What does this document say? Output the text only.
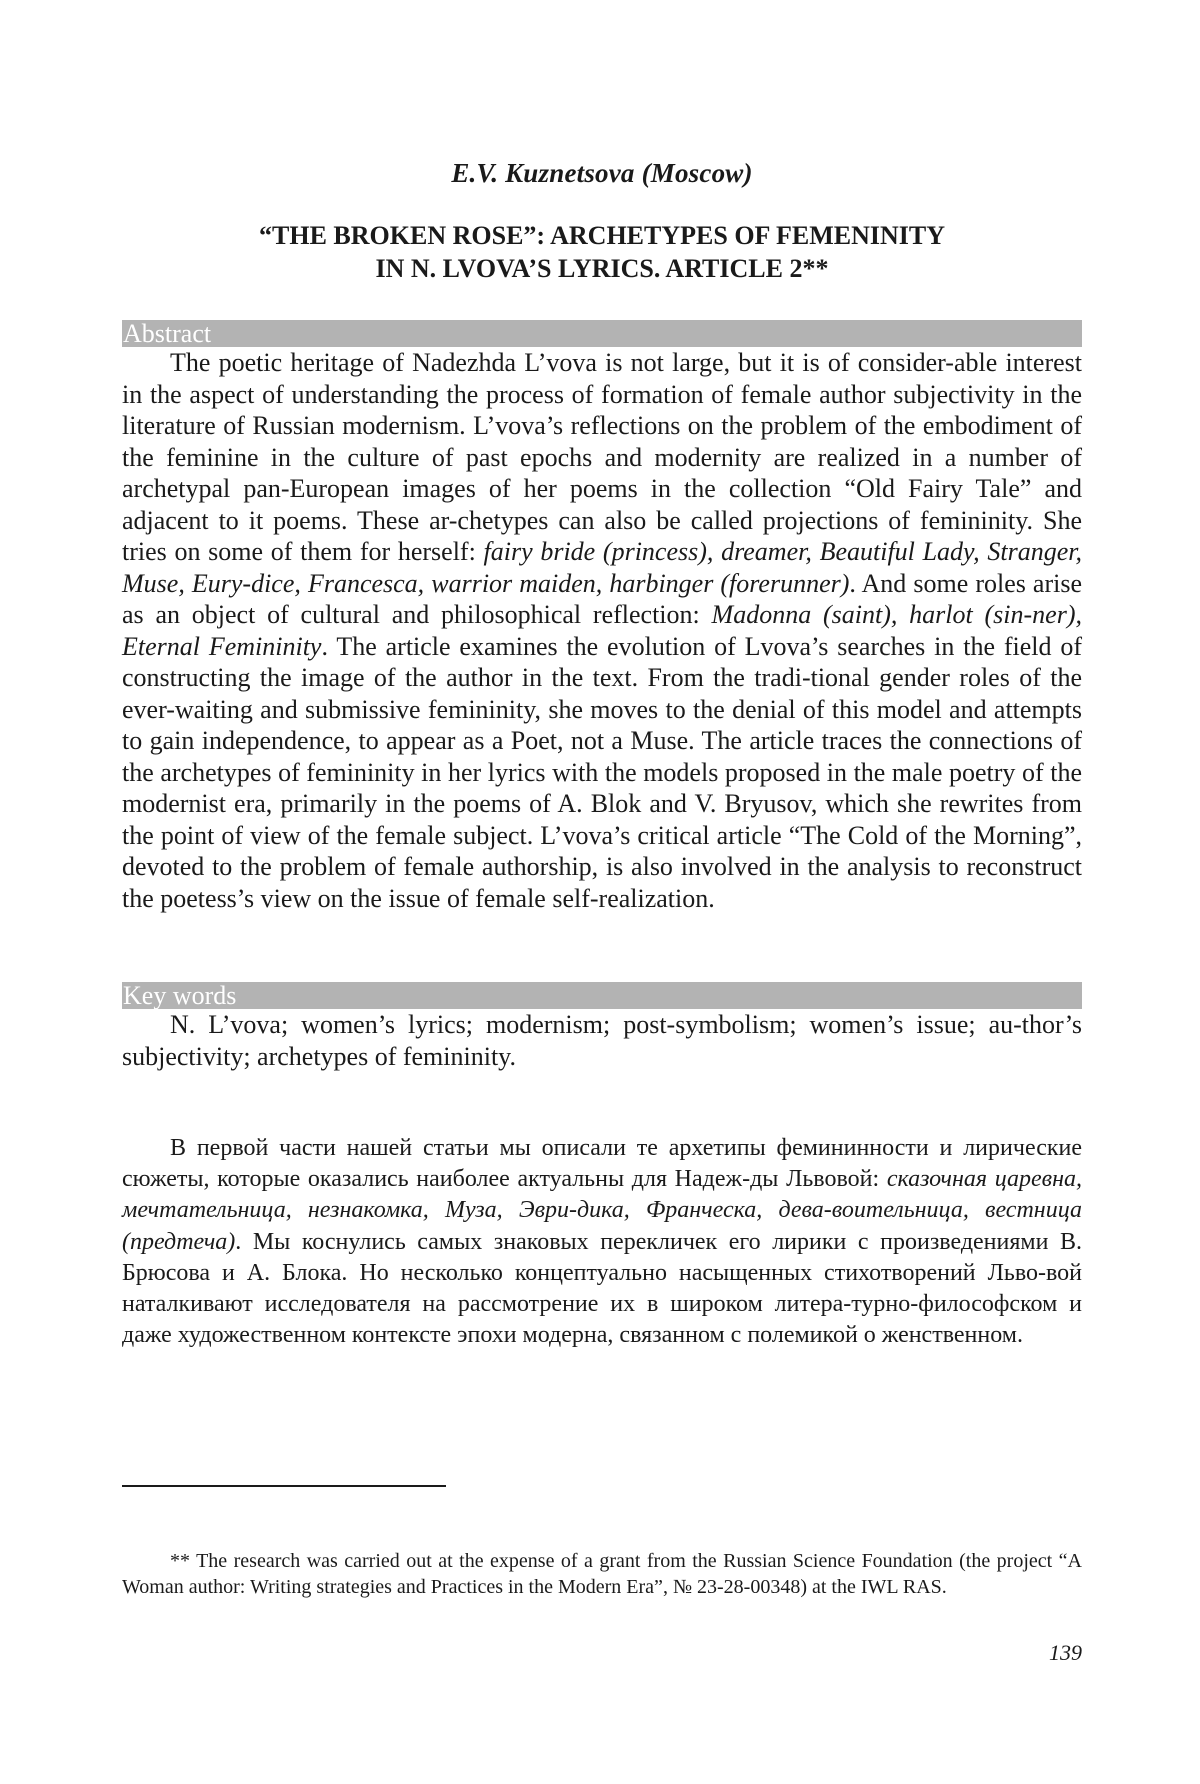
E.V. Kuznetsova (Moscow)
“THE BROKEN ROSE”: ARCHETYPES OF FEMENINITY
IN N. LVOVA’S LYRICS. ARTICLE 2**
Abstract

The poetic heritage of Nadezhda L’vova is not large, but it is of consider-able interest in the aspect of understanding the process of formation of female author subjectivity in the literature of Russian modernism. L’vova’s reflections on the problem of the embodiment of the feminine in the culture of past epochs and modernity are realized in a number of archetypal pan-European images of her poems in the collection “Old Fairy Tale” and adjacent to it poems. These ar-chetypes can also be called projections of femininity. She tries on some of them for herself: fairy bride (princess), dreamer, Beautiful Lady, Stranger, Muse, Eury-dice, Francesca, warrior maiden, harbinger (forerunner). And some roles arise as an object of cultural and philosophical reflection: Madonna (saint), harlot (sin-ner), Eternal Femininity. The article examines the evolution of Lvova’s searches in the field of constructing the image of the author in the text. From the tradi-tional gender roles of the ever-waiting and submissive femininity, she moves to the denial of this model and attempts to gain independence, to appear as a Poet, not a Muse. The article traces the connections of the archetypes of femininity in her lyrics with the models proposed in the male poetry of the modernist era, primarily in the poems of A. Blok and V. Bryusov, which she rewrites from the point of view of the female subject. L’vova’s critical article “The Cold of the Morning”, devoted to the problem of female authorship, is also involved in the analysis to reconstruct the poetess’s view on the issue of female self-realization.

Key words

N. L’vova; women’s lyrics; modernism; post-symbolism; women’s issue; au-thor’s subjectivity; archetypes of femininity.

В первой части нашей статьи мы описали те архетипы фемининности и лирические сюжеты, которые оказались наиболее актуальны для Надеж-ды Львовой: сказочная царевна, мечтательница, незнакомка, Муза, Эври-дика, Франческа, дева-воительница, вестница (предтеча). Мы коснулись самых знаковых перекличек его лирики с произведениями В. Брюсова и А. Блока. Но несколько концептуально насыщенных стихотворений Льво-вой наталкивают исследователя на рассмотрение их в широком литера-турно-философском и даже художественном контексте эпохи модерна, связанном с полемикой о женственном.

** The research was carried out at the expense of a grant from the Russian Science Foundation (the project “A Woman author: Writing strategies and Practices in the Modern Era”, № 23-28-00348) at the IWL RAS.

139
